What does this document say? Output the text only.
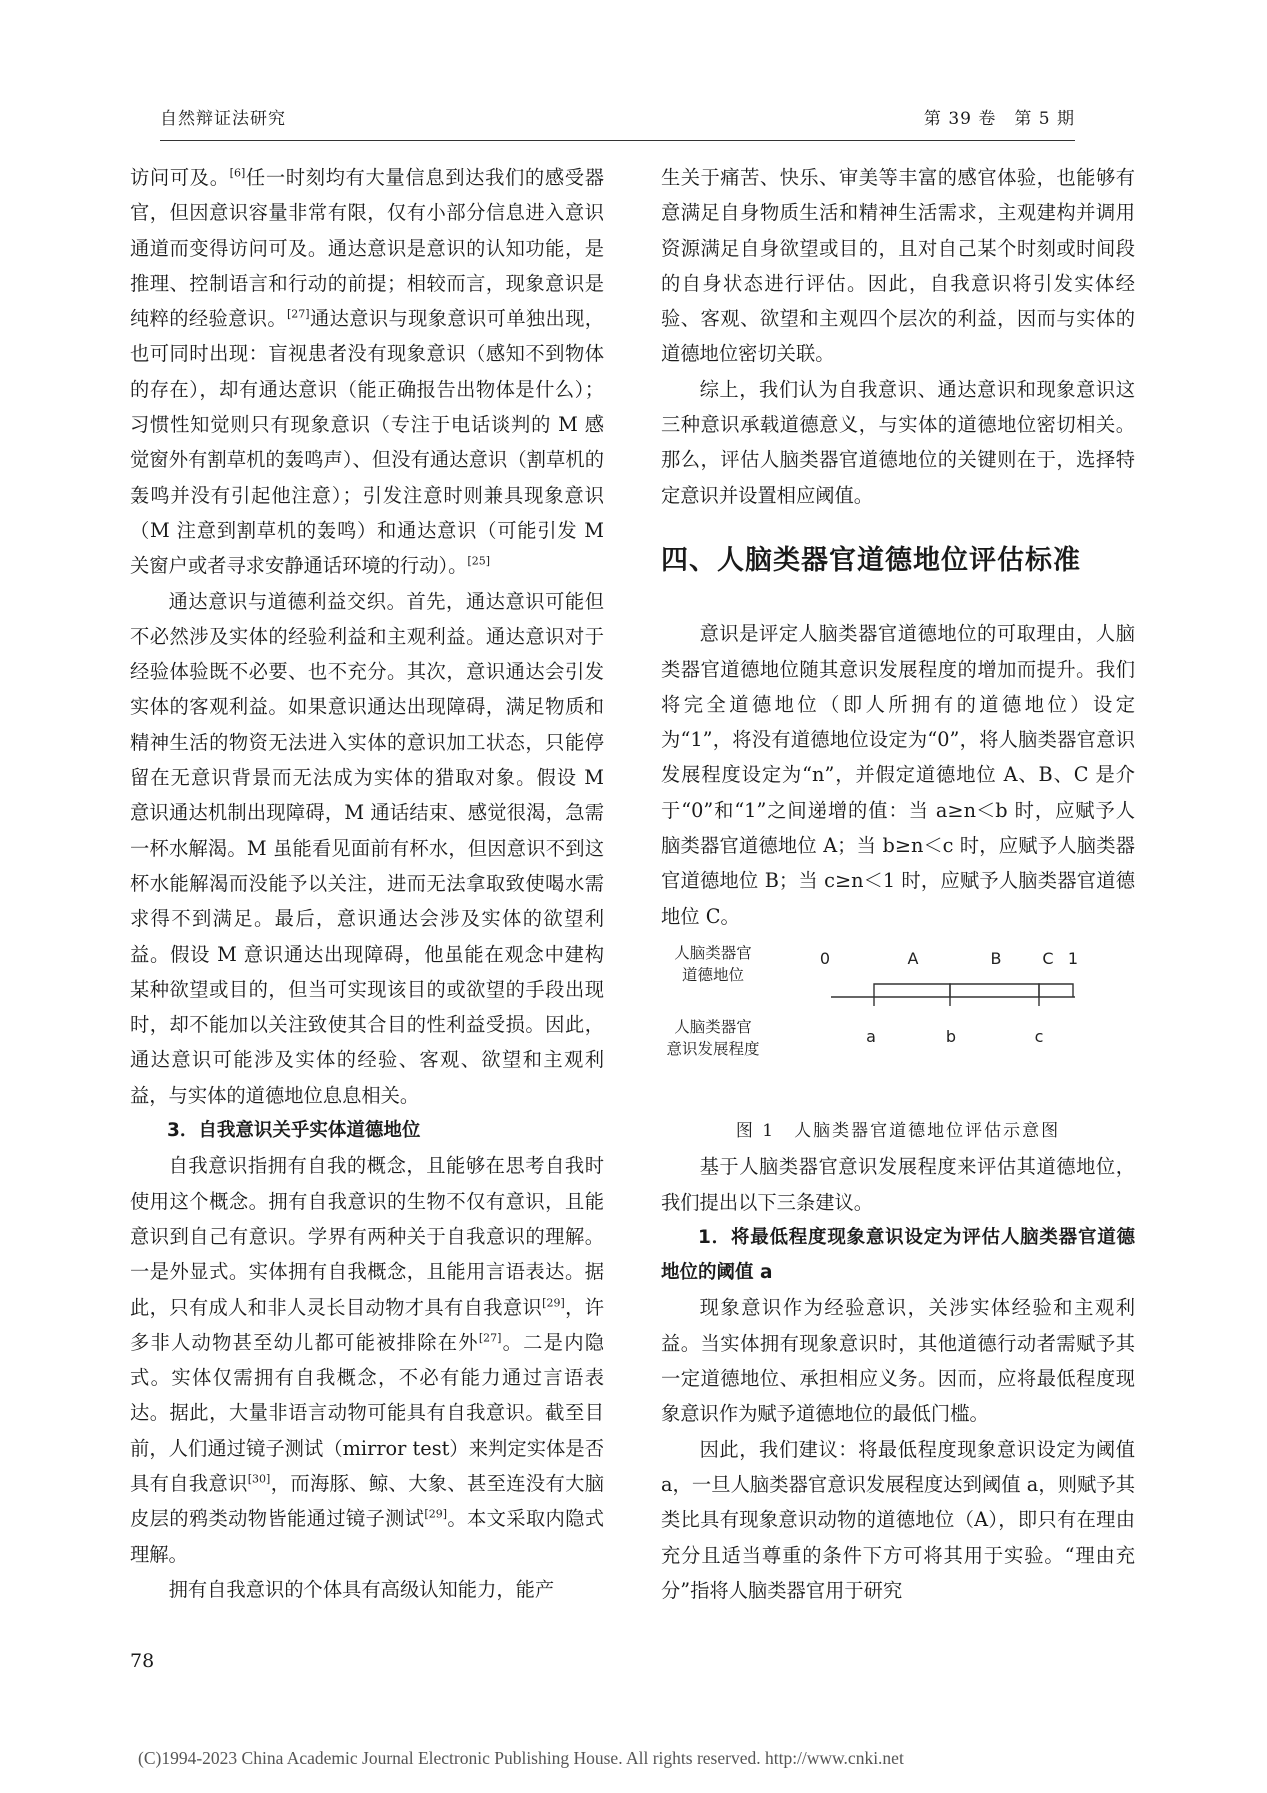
自然辩证法研究	第 39 卷　第 5 期

访问可及。[6]任一时刻均有大量信息到达我们的感受器官，但因意识容量非常有限，仅有小部分信息进入意识通道而变得访问可及。通达意识是意识的认知功能，是推理、控制语言和行动的前提；相较而言，现象意识是纯粹的经验意识。[27]通达意识与现象意识可单独出现，也可同时出现：盲视患者没有现象意识（感知不到物体的存在），却有通达意识（能正确报告出物体是什么）；习惯性知觉则只有现象意识（专注于电话谈判的 M 感觉窗外有割草机的轰鸣声）、但没有通达意识（割草机的轰鸣并没有引起他注意）；引发注意时则兼具现象意识（M 注意到割草机的轰鸣）和通达意识（可能引发 M 关窗户或者寻求安静通话环境的行动）。[25]

通达意识与道德利益交织。首先，通达意识可能但不必然涉及实体的经验利益和主观利益。通达意识对于经验体验既不必要、也不充分。其次，意识通达会引发实体的客观利益。如果意识通达出现障碍，满足物质和精神生活的物资无法进入实体的意识加工状态，只能停留在无意识背景而无法成为实体的猎取对象。假设 M 意识通达机制出现障碍，M 通话结束、感觉很渴，急需一杯水解渴。M 虽能看见面前有杯水，但因意识不到这杯水能解渴而没能予以关注，进而无法拿取致使喝水需求得不到满足。最后，意识通达会涉及实体的欲望利益。假设 M 意识通达出现障碍，他虽能在观念中建构某种欲望或目的，但当可实现该目的或欲望的手段出现时，却不能加以关注致使其合目的性利益受损。因此，通达意识可能涉及实体的经验、客观、欲望和主观利益，与实体的道德地位息息相关。

3．自我意识关乎实体道德地位

自我意识指拥有自我的概念，且能够在思考自我时使用这个概念。拥有自我意识的生物不仅有意识，且能意识到自己有意识。学界有两种关于自我意识的理解。一是外显式。实体拥有自我概念，且能用言语表达。据此，只有成人和非人灵长目动物才具有自我意识[29]，许多非人动物甚至幼儿都可能被排除在外[27]。二是内隐式。实体仅需拥有自我概念，不必有能力通过言语表达。据此，大量非语言动物可能具有自我意识。截至目前，人们通过镜子测试（mirror test）来判定实体是否具有自我意识[30]，而海豚、鲸、大象、甚至连没有大脑皮层的鸦类动物皆能通过镜子测试[29]。本文采取内隐式理解。

拥有自我意识的个体具有高级认知能力，能产

生关于痛苦、快乐、审美等丰富的感官体验，也能够有意满足自身物质生活和精神生活需求，主观建构并调用资源满足自身欲望或目的，且对自己某个时刻或时间段的自身状态进行评估。因此，自我意识将引发实体经验、客观、欲望和主观四个层次的利益，因而与实体的道德地位密切关联。

综上，我们认为自我意识、通达意识和现象意识这三种意识承载道德意义，与实体的道德地位密切相关。那么，评估人脑类器官道德地位的关键则在于，选择特定意识并设置相应阈值。

四、人脑类器官道德地位评估标准

意识是评定人脑类器官道德地位的可取理由，人脑类器官道德地位随其意识发展程度的增加而提升。我们将完全道德地位（即人所拥有的道德地位）设定为“1”，将没有道德地位设定为“0”，将人脑类器官意识发展程度设定为“n”，并假定道德地位 A、B、C 是介于“0”和“1”之间递增的值：当 a≥n＜b 时，应赋予人脑类器官道德地位 A；当 b≥n＜c 时，应赋予人脑类器官道德地位 B；当 c≥n＜1 时，应赋予人脑类器官道德地位 C。

人脑类器官
道德地位
人脑类器官
意识发展程度
0	A	B	C 1
a	b	c

图 1　人脑类器官道德地位评估示意图

基于人脑类器官意识发展程度来评估其道德地位，我们提出以下三条建议。

1．将最低程度现象意识设定为评估人脑类器官道德地位的阈值 a

现象意识作为经验意识，关涉实体经验和主观利益。当实体拥有现象意识时，其他道德行动者需赋予其一定道德地位、承担相应义务。因而，应将最低程度现象意识作为赋予道德地位的最低门槛。

因此，我们建议：将最低程度现象意识设定为阈值 a，一旦人脑类器官意识发展程度达到阈值 a，则赋予其类比具有现象意识动物的道德地位（A），即只有在理由充分且适当尊重的条件下方可将其用于实验。“理由充分”指将人脑类器官用于研究

78
(C)1994-2023 China Academic Journal Electronic Publishing House. All rights reserved. http://www.cnki.net
